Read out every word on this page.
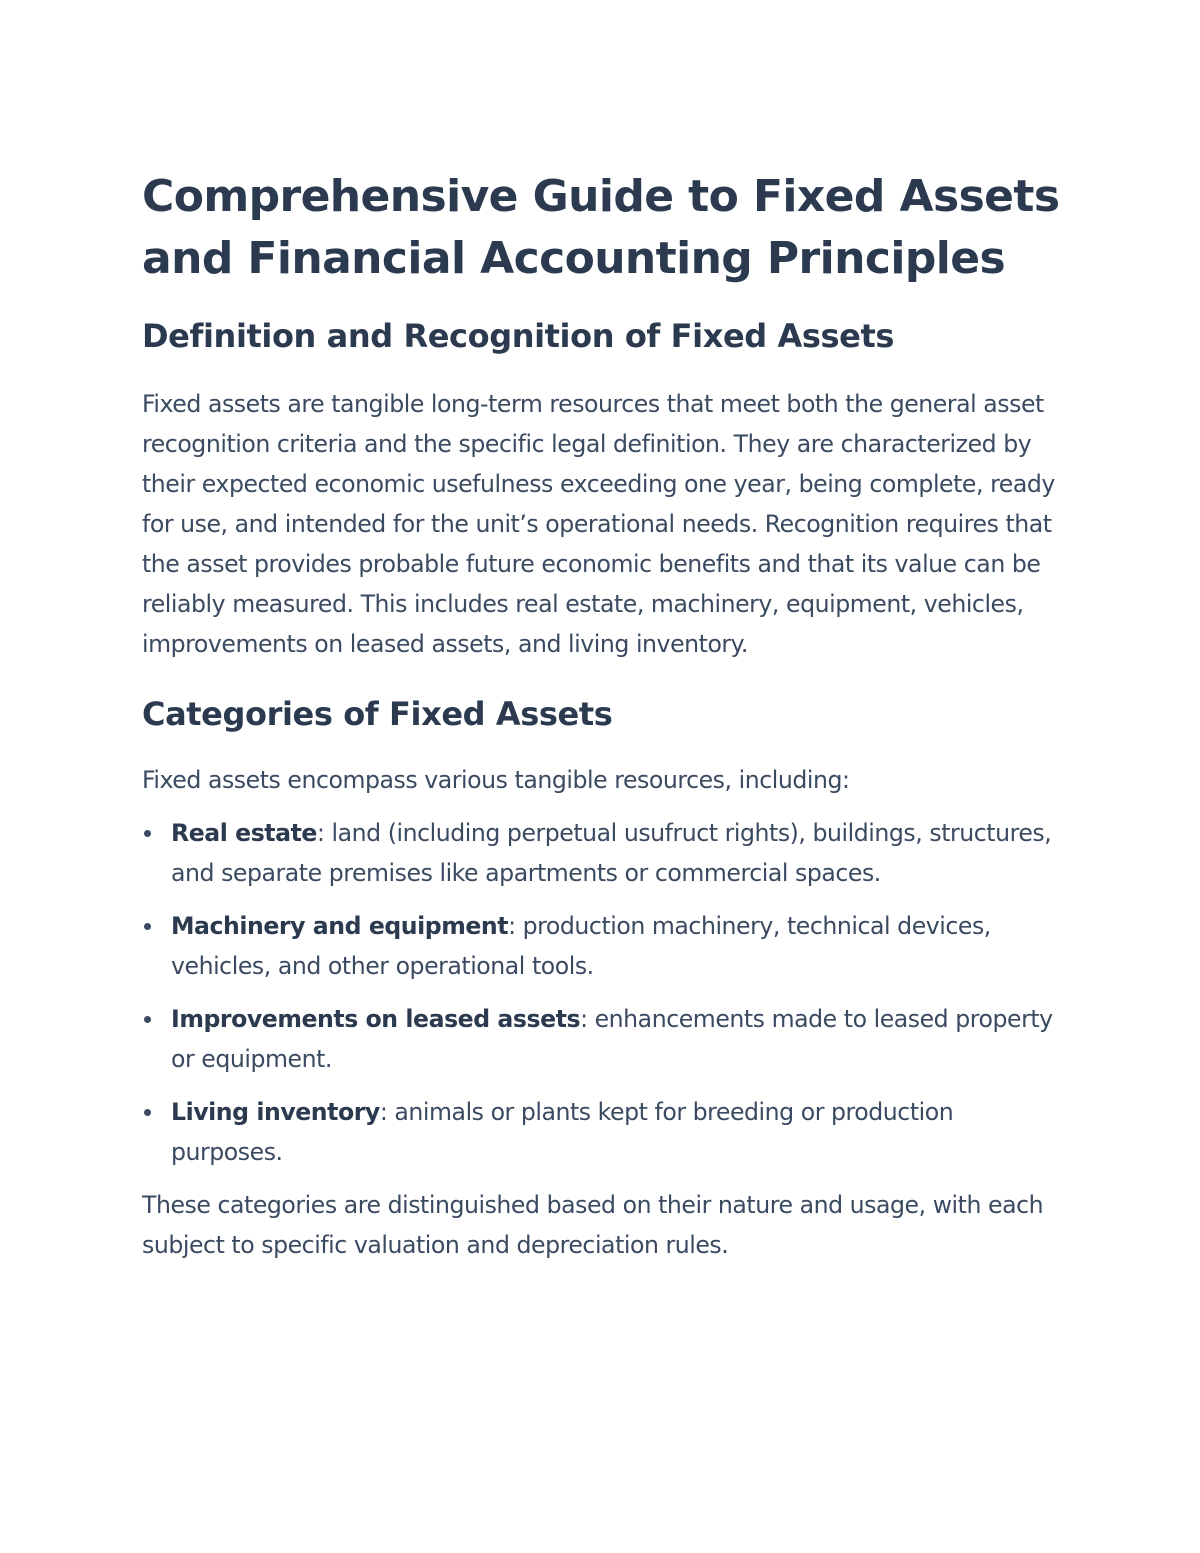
Comprehensive Guide to Fixed Assets and Financial Accounting Principles
Definition and Recognition of Fixed Assets

Fixed assets are tangible long-term resources that meet both the general asset recognition criteria and the specific legal definition. They are characterized by their expected economic usefulness exceeding one year, being complete, ready for use, and intended for the unit’s operational needs. Recognition requires that the asset provides probable future economic benefits and that its value can be reliably measured. This includes real estate, machinery, equipment, vehicles, improvements on leased assets, and living inventory.

Categories of Fixed Assets

Fixed assets encompass various tangible resources, including:

Real estate: land (including perpetual usufruct rights), buildings, structures, and separate premises like apartments or commercial spaces.
Machinery and equipment: production machinery, technical devices, vehicles, and other operational tools.
Improvements on leased assets: enhancements made to leased property or equipment.
Living inventory: animals or plants kept for breeding or production purposes.

These categories are distinguished based on their nature and usage, with each subject to specific valuation and depreciation rules.
